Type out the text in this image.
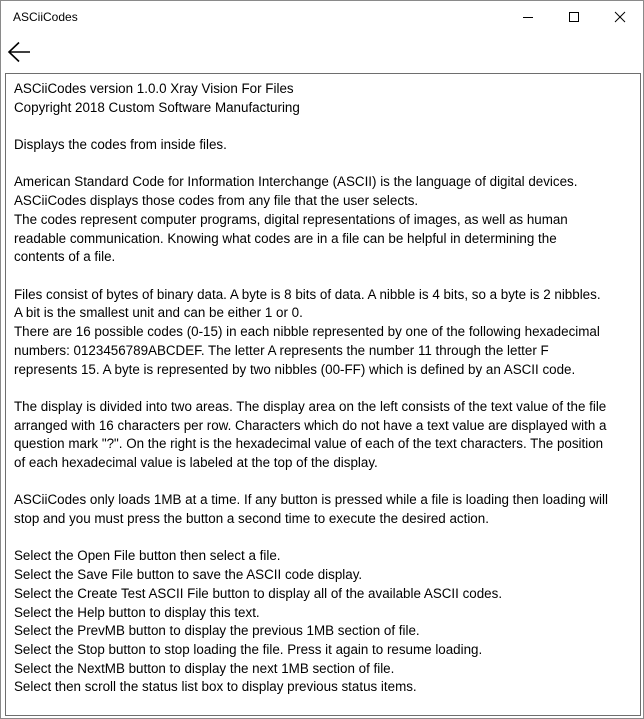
ASCiiCodes

ASCiiCodes version 1.0.0 Xray Vision For Files
Copyright 2018 Custom Software Manufacturing

Displays the codes from inside files.

American Standard Code for Information Interchange (ASCII) is the language of digital devices.
ASCiiCodes displays those codes from any file that the user selects.
The codes represent computer programs, digital representations of images, as well as human
readable communication. Knowing what codes are in a file can be helpful in determining the
contents of a file.

Files consist of bytes of binary data. A byte is 8 bits of data. A nibble is 4 bits, so a byte is 2 nibbles.
A bit is the smallest unit and can be either 1 or 0.
There are 16 possible codes (0-15) in each nibble represented by one of the following hexadecimal
numbers: 0123456789ABCDEF. The letter A represents the number 11 through the letter F
represents 15. A byte is represented by two nibbles (00-FF) which is defined by an ASCII code.

The display is divided into two areas. The display area on the left consists of the text value of the file
arranged with 16 characters per row. Characters which do not have a text value are displayed with a
question mark "?". On the right is the hexadecimal value of each of the text characters. The position
of each hexadecimal value is labeled at the top of the display.

ASCiiCodes only loads 1MB at a time. If any button is pressed while a file is loading then loading will
stop and you must press the button a second time to execute the desired action.

Select the Open File button then select a file.
Select the Save File button to save the ASCII code display.
Select the Create Test ASCII File button to display all of the available ASCII codes.
Select the Help button to display this text.
Select the PrevMB button to display the previous 1MB section of file.
Select the Stop button to stop loading the file. Press it again to resume loading.
Select the NextMB button to display the next 1MB section of file.
Select then scroll the status list box to display previous status items.
